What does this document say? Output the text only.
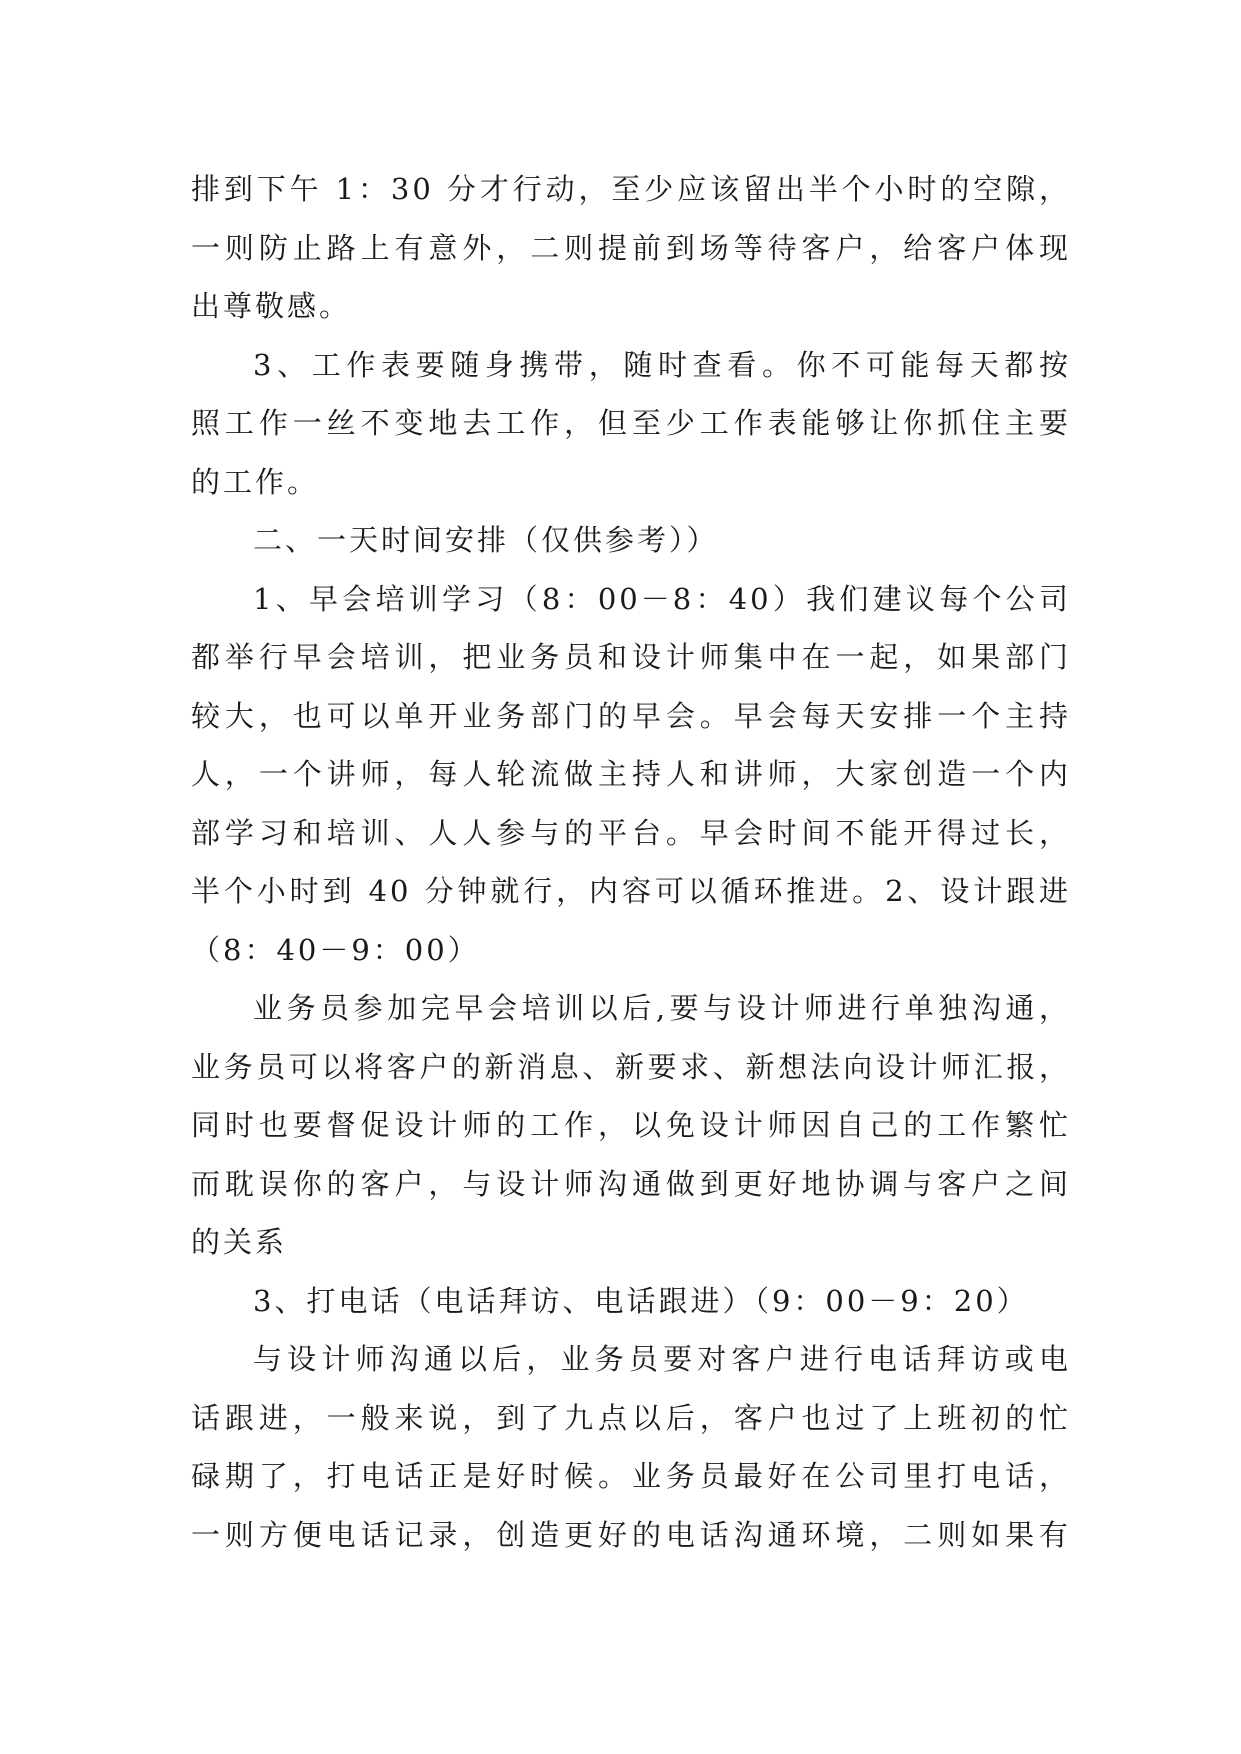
排到下午 1：30 分才行动，至少应该留出半个小时的空隙，
一则防止路上有意外，二则提前到场等待客户，给客户体现
出尊敬感。
3、工作表要随身携带，随时查看。你不可能每天都按
照工作一丝不变地去工作，但至少工作表能够让你抓住主要
的工作。
二、一天时间安排（仅供参考））
1、早会培训学习（8：00－8：40）我们建议每个公司
都举行早会培训，把业务员和设计师集中在一起，如果部门
较大，也可以单开业务部门的早会。早会每天安排一个主持
人，一个讲师，每人轮流做主持人和讲师，大家创造一个内
部学习和培训、人人参与的平台。早会时间不能开得过长，
半个小时到 40 分钟就行，内容可以循环推进。2、设计跟进
（8：40－9：00）
业务员参加完早会培训以后,要与设计师进行单独沟通，
业务员可以将客户的新消息、新要求、新想法向设计师汇报，
同时也要督促设计师的工作，以免设计师因自己的工作繁忙
而耽误你的客户，与设计师沟通做到更好地协调与客户之间
的关系
3、打电话（电话拜访、电话跟进）（9：00－9：20）
与设计师沟通以后，业务员要对客户进行电话拜访或电
话跟进，一般来说，到了九点以后，客户也过了上班初的忙
碌期了，打电话正是好时候。业务员最好在公司里打电话，
一则方便电话记录，创造更好的电话沟通环境，二则如果有
